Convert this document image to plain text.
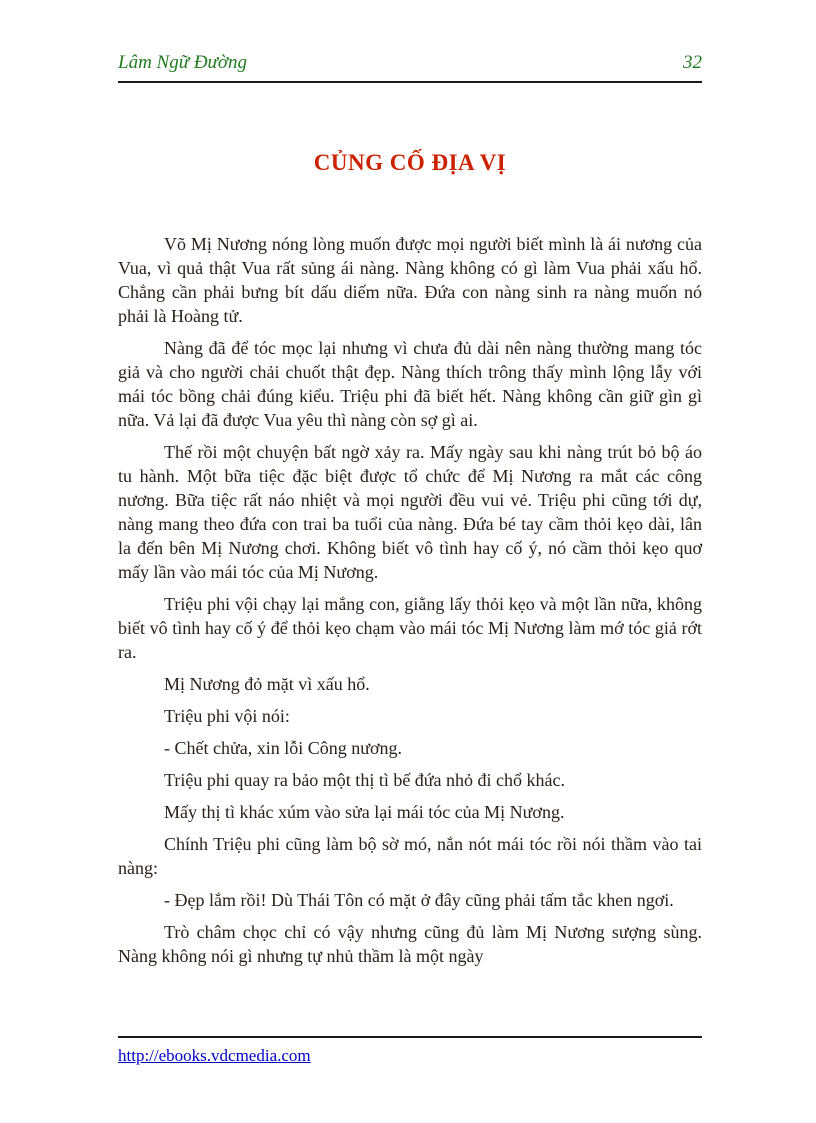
Lâm Ngữ Đường	32
CỦNG CỐ ĐỊA VỊ

Võ Mị Nương nóng lòng muốn được mọi người biết mình là ái nương của Vua, vì quả thật Vua rất sủng ái nàng. Nàng không có gì làm Vua phải xấu hổ. Chẳng cần phải bưng bít dấu diếm nữa. Đứa con nàng sinh ra nàng muốn nó phải là Hoàng tử.

Nàng đã để tóc mọc lại nhưng vì chưa đủ dài nên nàng thường mang tóc giả và cho người chải chuốt thật đẹp. Nàng thích trông thấy mình lộng lẫy với mái tóc bồng chải đúng kiểu. Triệu phi đã biết hết. Nàng không cần giữ gìn gì nữa. Vả lại đã được Vua yêu thì nàng còn sợ gì ai.

Thế rồi một chuyện bất ngờ xảy ra. Mấy ngày sau khi nàng trút bỏ bộ áo tu hành. Một bữa tiệc đặc biệt được tổ chức để Mị Nương ra mắt các công nương. Bữa tiệc rất náo nhiệt và mọi người đều vui vẻ. Triệu phi cũng tới dự, nàng mang theo đứa con trai ba tuổi của nàng. Đứa bé tay cầm thỏi kẹo dài, lân la đến bên Mị Nương chơi. Không biết vô tình hay cố ý, nó cầm thỏi kẹo quơ mấy lần vào mái tóc của Mị Nương.

Triệu phi vội chạy lại mắng con, giằng lấy thỏi kẹo và một lần nữa, không biết vô tình hay cố ý để thỏi kẹo chạm vào mái tóc Mị Nương làm mớ tóc giả rớt ra.

Mị Nương đỏ mặt vì xấu hổ.

Triệu phi vội nói:

- Chết chửa, xin lỗi Công nương.

Triệu phi quay ra bảo một thị tì bế đứa nhỏ đi chổ khác.

Mấy thị tì khác xúm vào sửa lại mái tóc của Mị Nương.

Chính Triệu phi cũng làm bộ sờ mó, nắn nót mái tóc rồi nói thầm vào tai nàng:

- Đẹp lắm rồi! Dù Thái Tôn có mặt ở đây cũng phải tấm tắc khen ngơi.

Trò châm chọc chỉ có vậy nhưng cũng đủ làm Mị Nương sượng sùng. Nàng không nói gì nhưng tự nhủ thầm là một ngày

http://ebooks.vdcmedia.com
